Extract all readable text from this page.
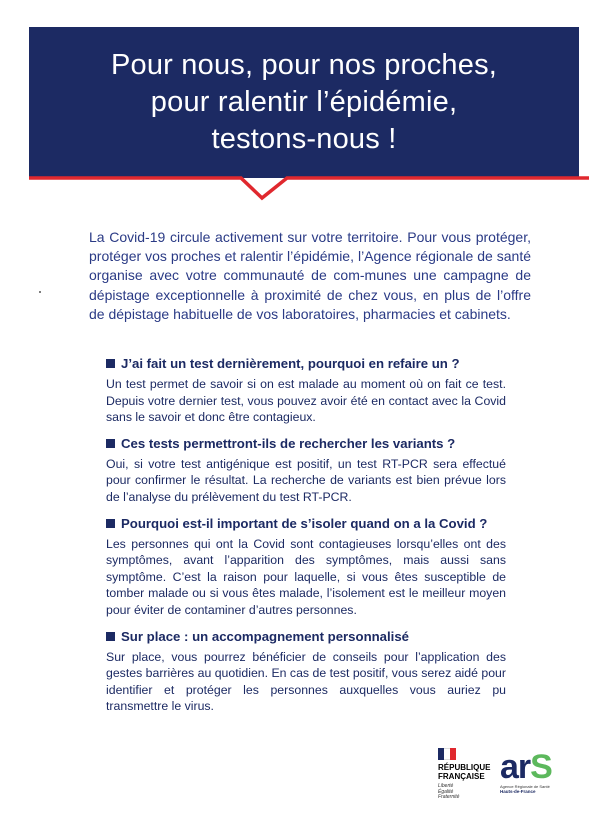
Pour nous, pour nos proches,
pour ralentir l’épidémie,
testons-nous !

La Covid-19 circule activement sur votre territoire. Pour vous protéger, protéger vos proches et ralentir l’épidémie, l’Agence régionale de santé organise avec votre communauté de com-munes une campagne de dépistage exceptionnelle à proximité de chez vous, en plus de l’offre de dépistage habituelle de vos laboratoires, pharmacies et cabinets.

J’ai fait un test dernièrement, pourquoi en refaire un ?

Un test permet de savoir si on est malade au moment où on fait ce test. Depuis votre dernier test, vous pouvez avoir été en contact avec la Covid sans le savoir et donc être contagieux.

Ces tests permettront-ils de rechercher les variants ?

Oui, si votre test antigénique est positif, un test RT-PCR sera effectué pour confirmer le résultat. La recherche de variants est bien prévue lors de l’analyse du prélèvement du test RT-PCR.

Pourquoi est-il important de s’isoler quand on a la Covid ?

Les personnes qui ont la Covid sont contagieuses lorsqu’elles ont des symptômes, avant l’apparition des symptômes, mais aussi sans symptôme. C’est la raison pour laquelle, si vous êtes susceptible de tomber malade ou si vous êtes malade, l’isolement est le meilleur moyen pour éviter de contaminer d’autres personnes.

Sur place : un accompagnement personnalisé

Sur place, vous pourrez bénéficier de conseils pour l’application des gestes barrières au quotidien. En cas de test positif, vous serez aidé pour identifier et protéger les personnes auxquelles vous auriez pu transmettre le virus.

RÉPUBLIQUE
FRANÇAISE
Liberté
Égalité
Fraternité
arS
Agence Régionale de Santé
Hauts-de-France
